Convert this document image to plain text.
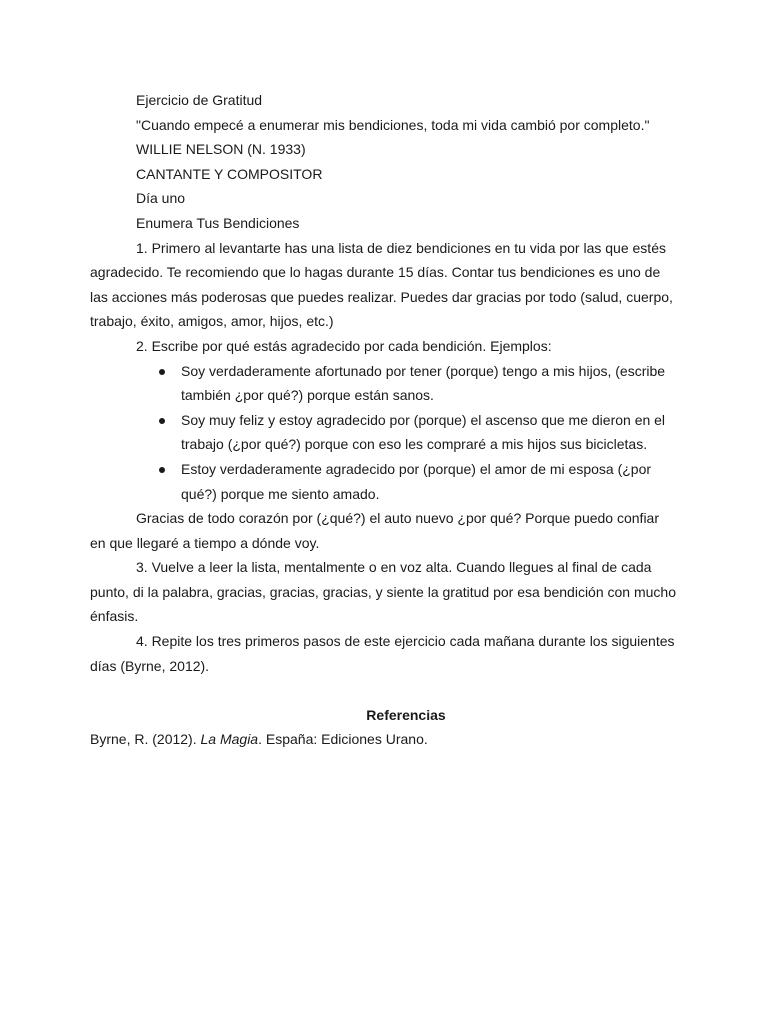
Ejercicio de Gratitud

"Cuando empecé a enumerar mis bendiciones, toda mi vida cambió por completo."

WILLIE NELSON (N. 1933)

CANTANTE Y COMPOSITOR

Día uno

Enumera Tus Bendiciones

1. Primero al levantarte has una lista de diez bendiciones en tu vida por las que estés agradecido. Te recomiendo que lo hagas durante 15 días. Contar tus bendiciones es uno de las acciones más poderosas que puedes realizar. Puedes dar gracias por todo (salud, cuerpo, trabajo, éxito, amigos, amor, hijos, etc.)

2. Escribe por qué estás agradecido por cada bendición. Ejemplos:

Soy verdaderamente afortunado por tener (porque) tengo a mis hijos, (escribe también ¿por qué?) porque están sanos.
Soy muy feliz y estoy agradecido por (porque) el ascenso que me dieron en el trabajo (¿por qué?) porque con eso les compraré a mis hijos sus bicicletas.
Estoy verdaderamente agradecido por (porque) el amor de mi esposa (¿por qué?) porque me siento amado.

Gracias de todo corazón por (¿qué?) el auto nuevo ¿por qué? Porque puedo confiar en que llegaré a tiempo a dónde voy.

3. Vuelve a leer la lista, mentalmente o en voz alta. Cuando llegues al final de cada punto, di la palabra, gracias, gracias, gracias, y siente la gratitud por esa bendición con mucho énfasis.

4. Repite los tres primeros pasos de este ejercicio cada mañana durante los siguientes días (Byrne, 2012).

Referencias

Byrne, R. (2012). La Magia. España: Ediciones Urano.
